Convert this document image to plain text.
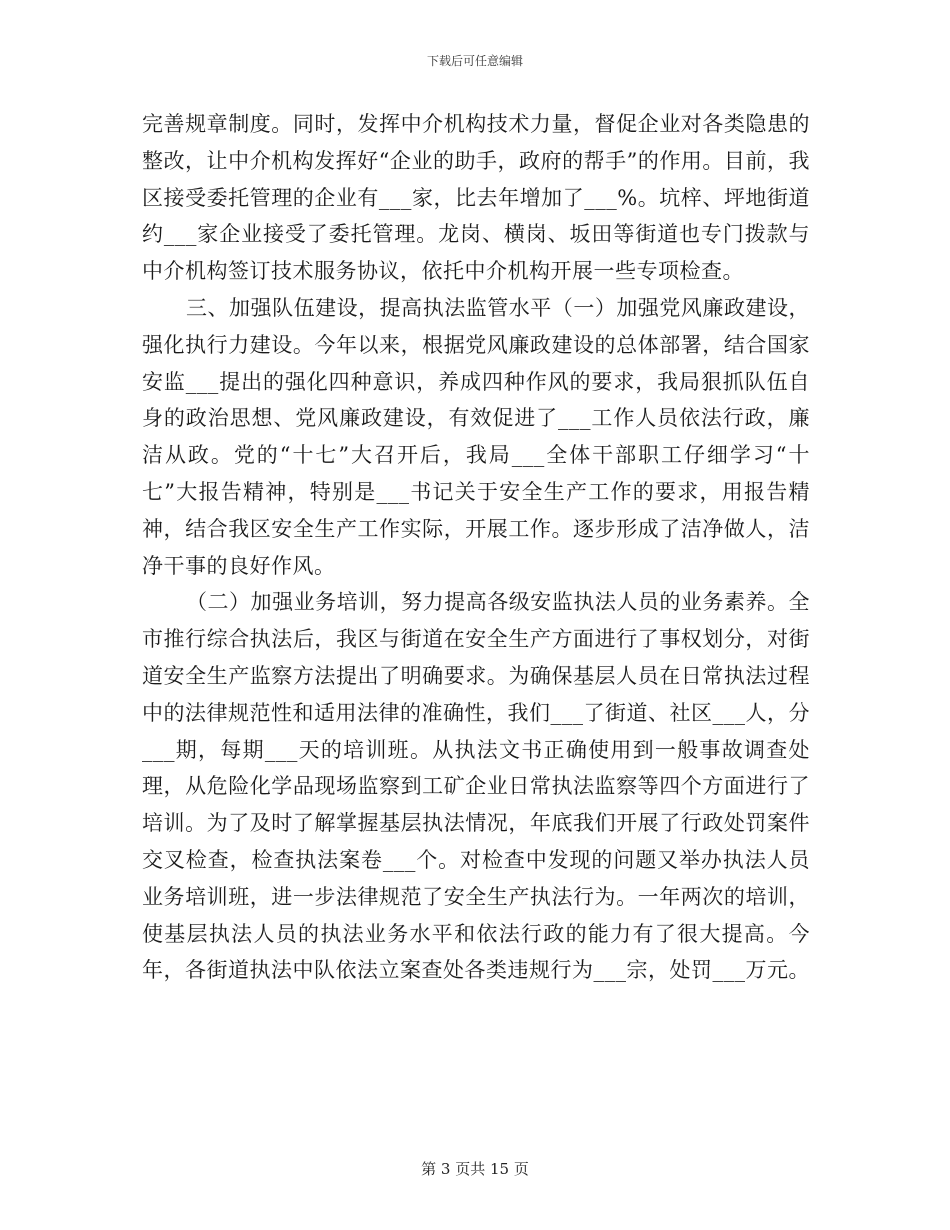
下载后可任意编辑

完善规章制度。同时，发挥中介机构技术力量，督促企业对各类隐患的整改，让中介机构发挥好“企业的助手，政府的帮手”的作用。目前，我区接受委托管理的企业有___家，比去年增加了___%。坑梓、坪地街道约___家企业接受了委托管理。龙岗、横岗、坂田等街道也专门拨款与中介机构签订技术服务协议，依托中介机构开展一些专项检查。

三、加强队伍建设，提高执法监管水平（一）加强党风廉政建设，强化执行力建设。今年以来，根据党风廉政建设的总体部署，结合国家安监___提出的强化四种意识，养成四种作风的要求，我局狠抓队伍自身的政治思想、党风廉政建设，有效促进了___工作人员依法行政，廉洁从政。党的“十七”大召开后，我局___全体干部职工仔细学习“十七”大报告精神，特别是___书记关于安全生产工作的要求，用报告精神，结合我区安全生产工作实际，开展工作。逐步形成了洁净做人，洁净干事的良好作风。

（二）加强业务培训，努力提高各级安监执法人员的业务素养。全市推行综合执法后，我区与街道在安全生产方面进行了事权划分，对街道安全生产监察方法提出了明确要求。为确保基层人员在日常执法过程中的法律规范性和适用法律的准确性，我们___了街道、社区___人，分___期，每期___天的培训班。从执法文书正确使用到一般事故调查处理，从危险化学品现场监察到工矿企业日常执法监察等四个方面进行了培训。为了及时了解掌握基层执法情况，年底我们开展了行政处罚案件交叉检查，检查执法案卷___个。对检查中发现的问题又举办执法人员业务培训班，进一步法律规范了安全生产执法行为。一年两次的培训，使基层执法人员的执法业务水平和依法行政的能力有了很大提高。今年，各街道执法中队依法立案查处各类违规行为___宗，处罚___万元。

第 3 页共 15 页
